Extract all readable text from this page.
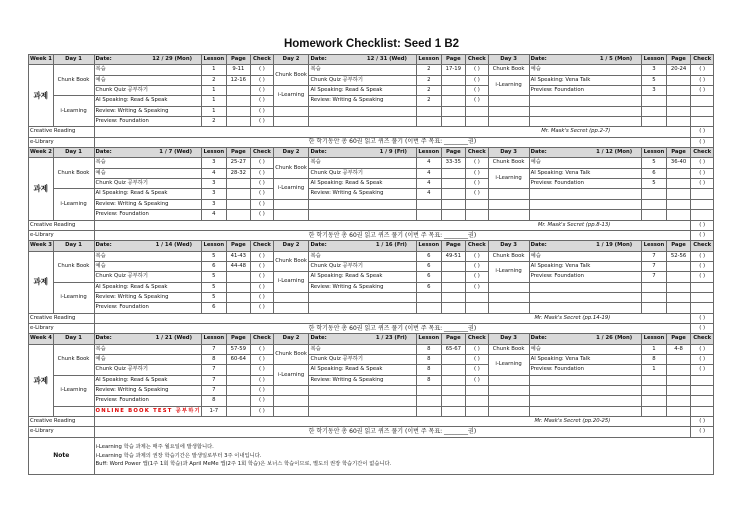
Homework Checklist: Seed 1 B2
Week 1	Day 1	Date: 12 / 29 (Mon)	Lesson	Page	Check	Day 2	Date: 12 / 31 (Wed)	Lesson	Page	Check	Day 3	Date: 1 / 5 (Mon)	Lesson	Page	Check
과제	Chunk Book	복습	1	9-11	( )	Chunk Book	복습	2	17-19	( )	Chunk Book	예습	3	20-24	( )
		예습	2	12-16	( )		Chunk Quiz 공부하기	2		( )	i-Learning	AI Speaking: Vena Talk	5		( )
		Chunk Quiz 공부하기	1		( )	i-Learning	AI Speaking: Read & Speak	2		( )		Preview: Foundation	3		( )
	i-Learning	AI Speaking: Read & Speak	1		( )		Review: Writing & Speaking	2		( )					
		Review: Writing & Speaking	1		( )										
		Preview: Foundation	2		( )										
Creative Reading		Mr. Mask's Secret (pp.2-7)													( )
e-Library		한 학기동안 총 60권 읽고 퀴즈 풀기 (이번 주 목표: ________권)													( )
Week 2	Day 1	Date: 1 / 7 (Wed)	Lesson	Page	Check	Day 2	Date: 1 / 9 (Fri)	Lesson	Page	Check	Day 3	Date: 1 / 12 (Mon)	Lesson	Page	Check
과제	Chunk Book	복습	3	25-27	( )	Chunk Book	복습	4	33-35	( )	Chunk Book	예습	5	36-40	( )
		예습	4	28-32	( )		Chunk Quiz 공부하기	4		( )	i-Learning	AI Speaking: Vena Talk	6		( )
		Chunk Quiz 공부하기	3		( )	i-Learning	AI Speaking: Read & Speak	4		( )		Preview: Foundation	5		( )
	i-Learning	AI Speaking: Read & Speak	3		( )		Review: Writing & Speaking	4		( )					
		Review: Writing & Speaking	3		( )										
		Preview: Foundation	4		( )										
Creative Reading		Mr. Mask's Secret (pp.8-13)													( )
e-Library		한 학기동안 총 60권 읽고 퀴즈 풀기 (이번 주 목표: ________권)													( )
Week 3	Day 1	Date: 1 / 14 (Wed)	Lesson	Page	Check	Day 2	Date: 1 / 16 (Fri)	Lesson	Page	Check	Day 3	Date: 1 / 19 (Mon)	Lesson	Page	Check
과제	Chunk Book	복습	5	41-43	( )	Chunk Book	복습	6	49-51	( )	Chunk Book	예습	7	52-56	( )
		예습	6	44-48	( )		Chunk Quiz 공부하기	6		( )	i-Learning	AI Speaking: Vena Talk	7		( )
		Chunk Quiz 공부하기	5		( )	i-Learning	AI Speaking: Read & Speak	6		( )		Preview: Foundation	7		( )
	i-Learning	AI Speaking: Read & Speak	5		( )		Review: Writing & Speaking	6		( )					
		Review: Writing & Speaking	5		( )										
		Preview: Foundation	6		( )										
Creative Reading		Mr. Mask's Secret (pp.14-19)													( )
e-Library		한 학기동안 총 60권 읽고 퀴즈 풀기 (이번 주 목표: ________권)													( )
Week 4	Day 1	Date: 1 / 21 (Wed)	Lesson	Page	Check	Day 2	Date: 1 / 23 (Fri)	Lesson	Page	Check	Day 3	Date: 1 / 26 (Mon)	Lesson	Page	Check
과제	Chunk Book	복습	7	57-59	( )	Chunk Book	복습	8	65-67	( )	Chunk Book	예습	1	4-8	( )
		예습	8	60-64	( )		Chunk Quiz 공부하기	8		( )	i-Learning	AI Speaking: Vena Talk	8		( )
		Chunk Quiz 공부하기	7		( )	i-Learning	AI Speaking: Read & Speak	8		( )		Preview: Foundation	1		( )
	i-Learning	AI Speaking: Read & Speak	7		( )		Review: Writing & Speaking	8		( )					
		Review: Writing & Speaking	7		( )										
		Preview: Foundation	8		( )										
		ONLINE BOOK TEST 공부하기	1-7		( )										
Creative Reading		Mr. Mask's Secret (pp.20-25)													( )
e-Library		한 학기동안 총 60권 읽고 퀴즈 풀기 (이번 주 목표: ________권)													( )
Note		i-Learning 학습 과제는 매주 월요일에 발생합니다.
i-Learning 학습 과제의 권장 학습기간은 발생일로부터 3주 이내입니다.
Buff: Word Power 앱(1주 1회 학습)과 April MeMe 앱(2주 1회 학습)은 보너스 학습이므로, 별도의 권장 학습기간이 없습니다.													
